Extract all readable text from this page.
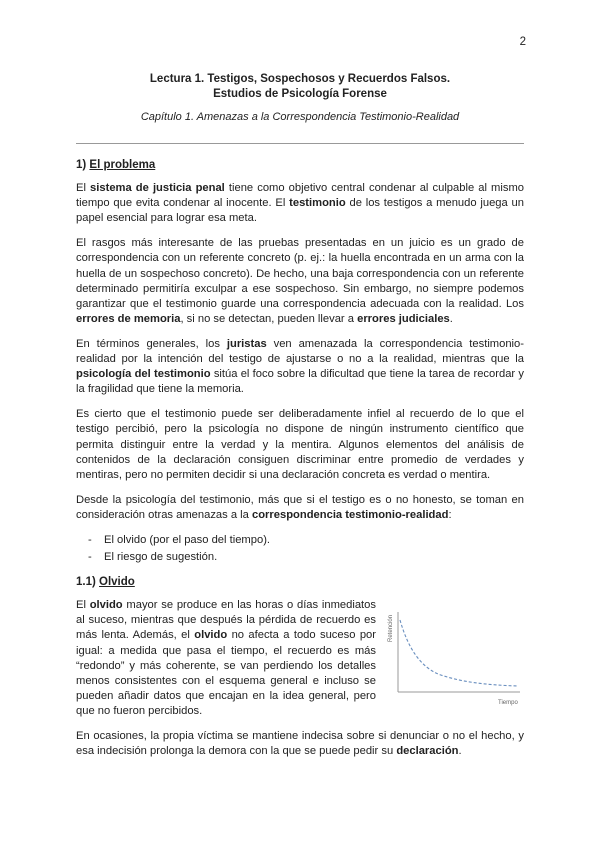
2
Lectura 1. Testigos, Sospechosos y Recuerdos Falsos.
Estudios de Psicología Forense
Capítulo 1. Amenazas a la Correspondencia Testimonio-Realidad
1) El problema

El sistema de justicia penal tiene como objetivo central condenar al culpable al mismo tiempo que evita condenar al inocente. El testimonio de los testigos a menudo juega un papel esencial para lograr esa meta.

El rasgos más interesante de las pruebas presentadas en un juicio es un grado de correspondencia con un referente concreto (p. ej.: la huella encontrada en un arma con la huella de un sospechoso concreto). De hecho, una baja correspondencia con un referente determinado permitiría exculpar a ese sospechoso. Sin embargo, no siempre podemos garantizar que el testimonio guarde una correspondencia adecuada con la realidad. Los errores de memoria, si no se detectan, pueden llevar a errores judiciales.

En términos generales, los juristas ven amenazada la correspondencia testimonio-realidad por la intención del testigo de ajustarse o no a la realidad, mientras que la psicología del testimonio sitúa el foco sobre la dificultad que tiene la tarea de recordar y la fragilidad que tiene la memoria.

Es cierto que el testimonio puede ser deliberadamente infiel al recuerdo de lo que el testigo percibió, pero la psicología no dispone de ningún instrumento científico que permita distinguir entre la verdad y la mentira. Algunos elementos del análisis de contenidos de la declaración consiguen discriminar entre promedio de verdades y mentiras, pero no permiten decidir si una declaración concreta es verdad o mentira.

Desde la psicología del testimonio, más que si el testigo es o no honesto, se toman en consideración otras amenazas a la correspondencia testimonio-realidad:

- El olvido (por el paso del tiempo).
- El riesgo de sugestión.
1.1) Olvido

El olvido mayor se produce en las horas o días inmediatos al suceso, mientras que después la pérdida de recuerdo es más lenta. Además, el olvido no afecta a todo suceso por igual: a medida que pasa el tiempo, el recuerdo es más “redondo” y más coherente, se van perdiendo los detalles menos consistentes con el esquema general e incluso se pueden añadir datos que encajan en la idea general, pero que no fueron percibidos.

Retención
Tiempo

En ocasiones, la propia víctima se mantiene indecisa sobre si denunciar o no el hecho, y esa indecisión prolonga la demora con la que se puede pedir su declaración.
